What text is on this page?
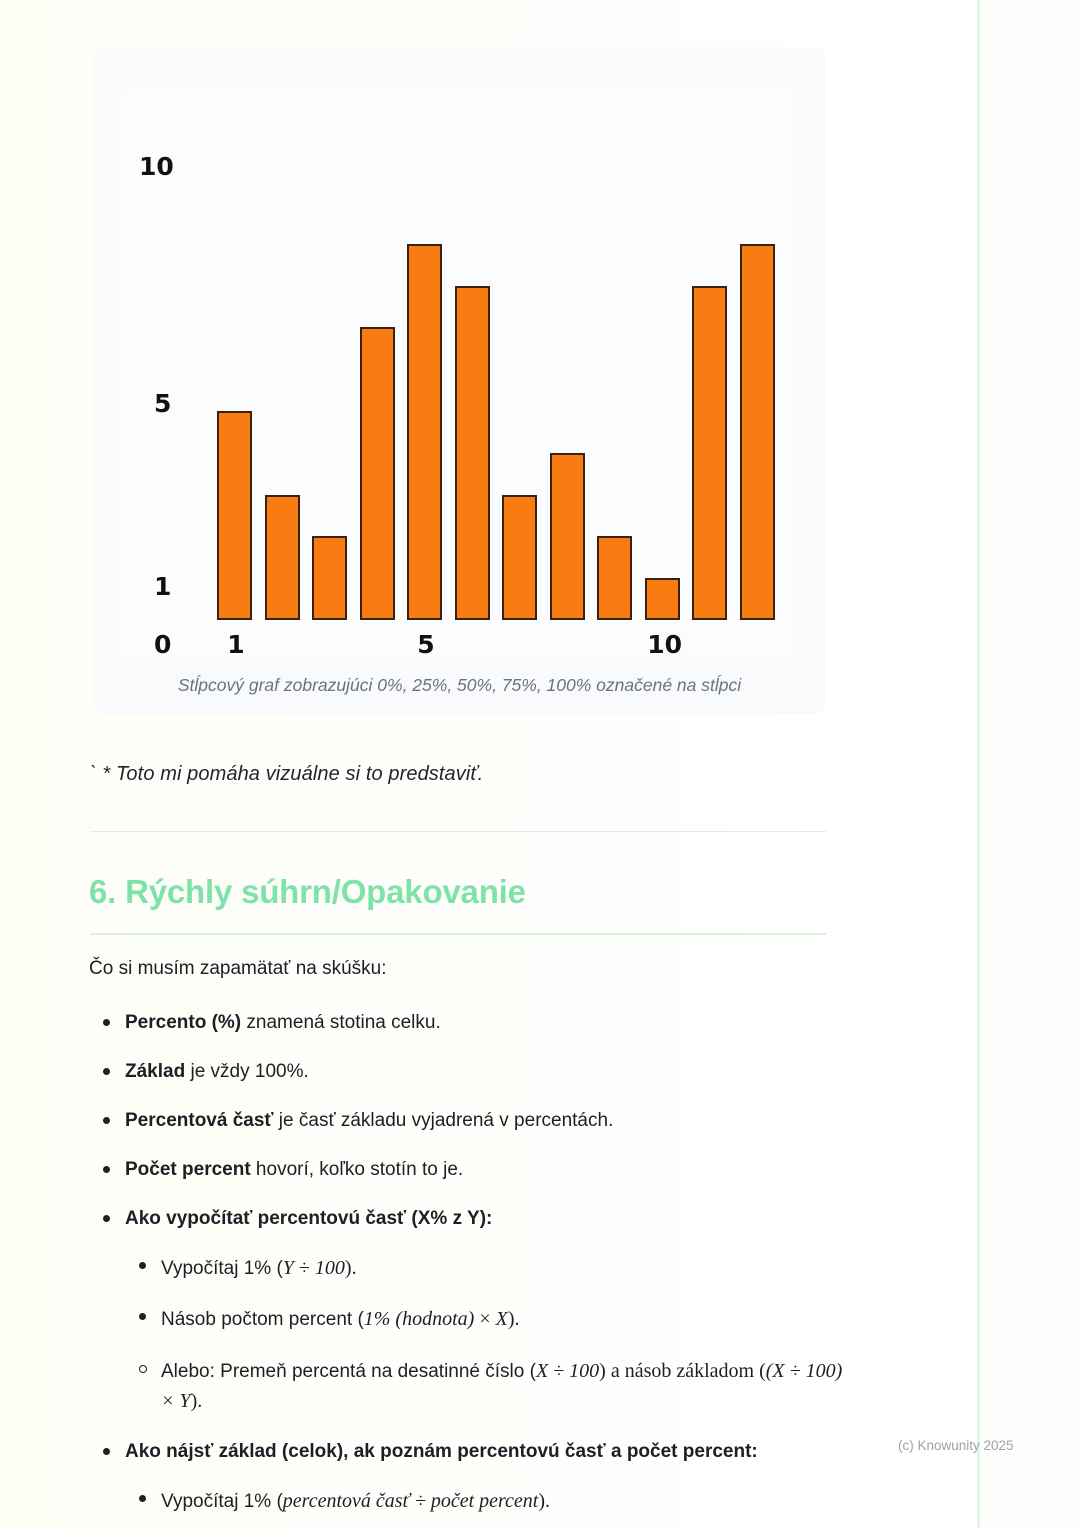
10
5
1
0 1	5	10
Stĺpcový graf zobrazujúci 0%, 25%, 50%, 75%, 100% označené na stĺpci
` * Toto mi pomáha vizuálne si to predstaviť.
6. Rýchly súhrn/Opakovanie
Čo si musím zapamätať na skúšku:
Percento (%) znamená stotina celku.
Základ je vždy 100%.
Percentová časť je časť základu vyjadrená v percentách.
Počet percent hovorí, koľko stotín to je.
Ako vypočítať percentovú časť (X% z Y):
Vypočítaj 1% (Y ÷ 100).
Násob počtom percent (1% (hodnota) × X).
Alebo: Premeň percentá na desatinné číslo (X ÷ 100) a násob základom ((X ÷ 100) × Y).
Ako nájsť základ (celok), ak poznám percentovú časť a počet percent:
Vypočítaj 1% (percentová časť ÷ počet percent).
(c) Knowunity 2025
